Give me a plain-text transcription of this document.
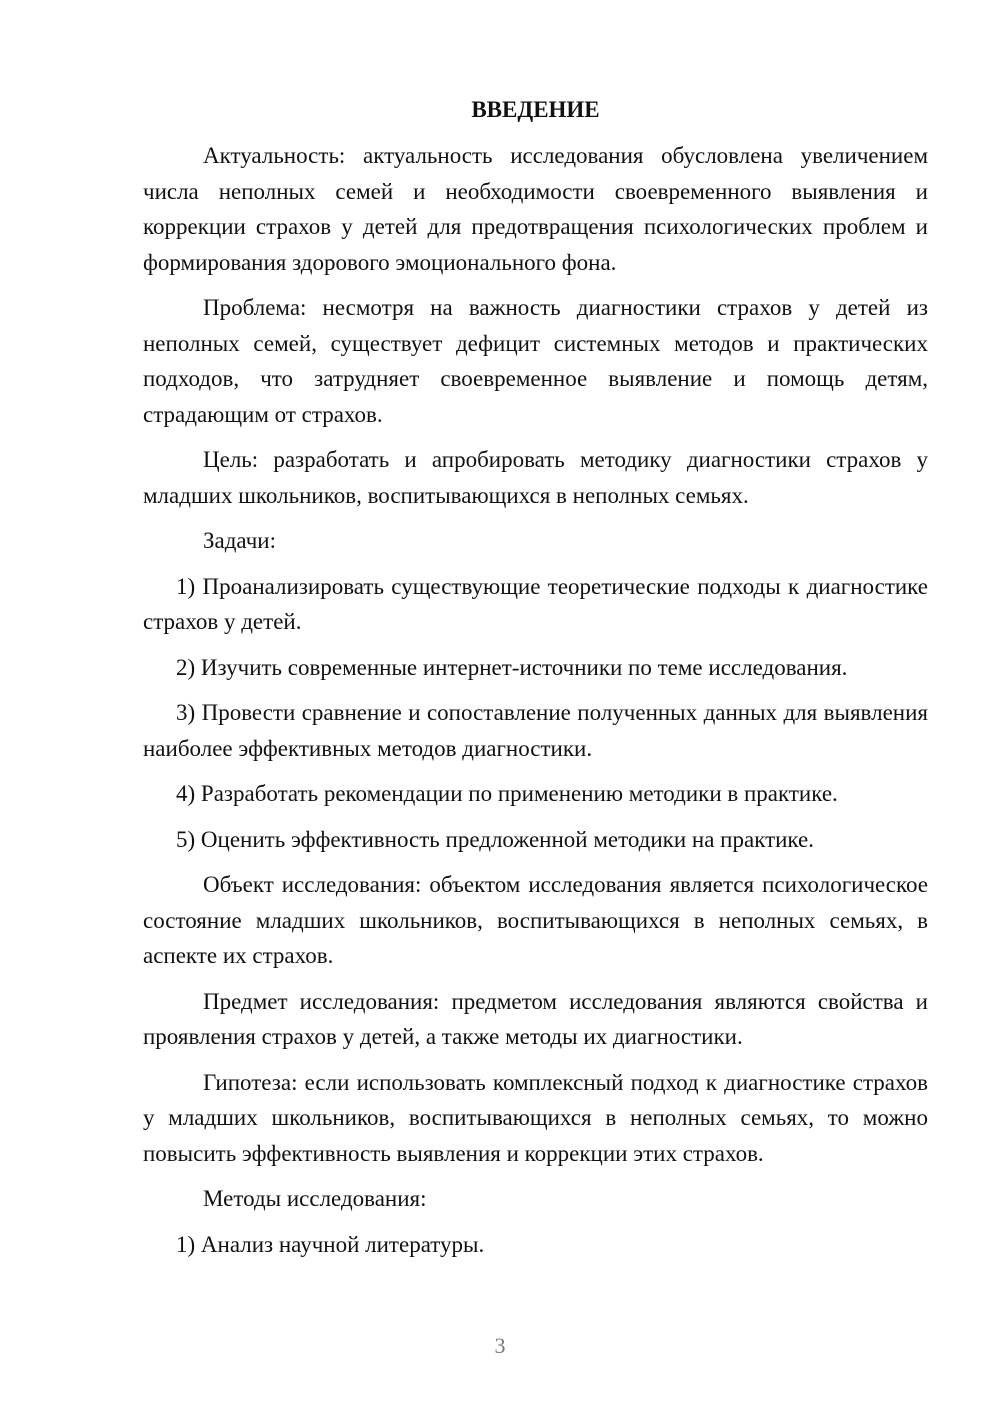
ВВЕДЕНИЕ

Актуальность: актуальность исследования обусловлена увеличением числа неполных семей и необходимости своевременного выявления и коррекции страхов у детей для предотвращения психологических проблем и формирования здорового эмоционального фона.

Проблема: несмотря на важность диагностики страхов у детей из неполных семей, существует дефицит системных методов и практических подходов, что затрудняет своевременное выявление и помощь детям, страдающим от страхов.

Цель: разработать и апробировать методику диагностики страхов у младших школьников, воспитывающихся в неполных семьях.

Задачи:

1) Проанализировать существующие теоретические подходы к диагностике страхов у детей.

2) Изучить современные интернет-источники по теме исследования.

3) Провести сравнение и сопоставление полученных данных для выявления наиболее эффективных методов диагностики.

4) Разработать рекомендации по применению методики в практике.

5) Оценить эффективность предложенной методики на практике.

Объект исследования: объектом исследования является психологическое состояние младших школьников, воспитывающихся в неполных семьях, в аспекте их страхов.

Предмет исследования: предметом исследования являются свойства и проявления страхов у детей, а также методы их диагностики.

Гипотеза: если использовать комплексный подход к диагностике страхов у младших школьников, воспитывающихся в неполных семьях, то можно повысить эффективность выявления и коррекции этих страхов.

Методы исследования:

1) Анализ научной литературы.

3
